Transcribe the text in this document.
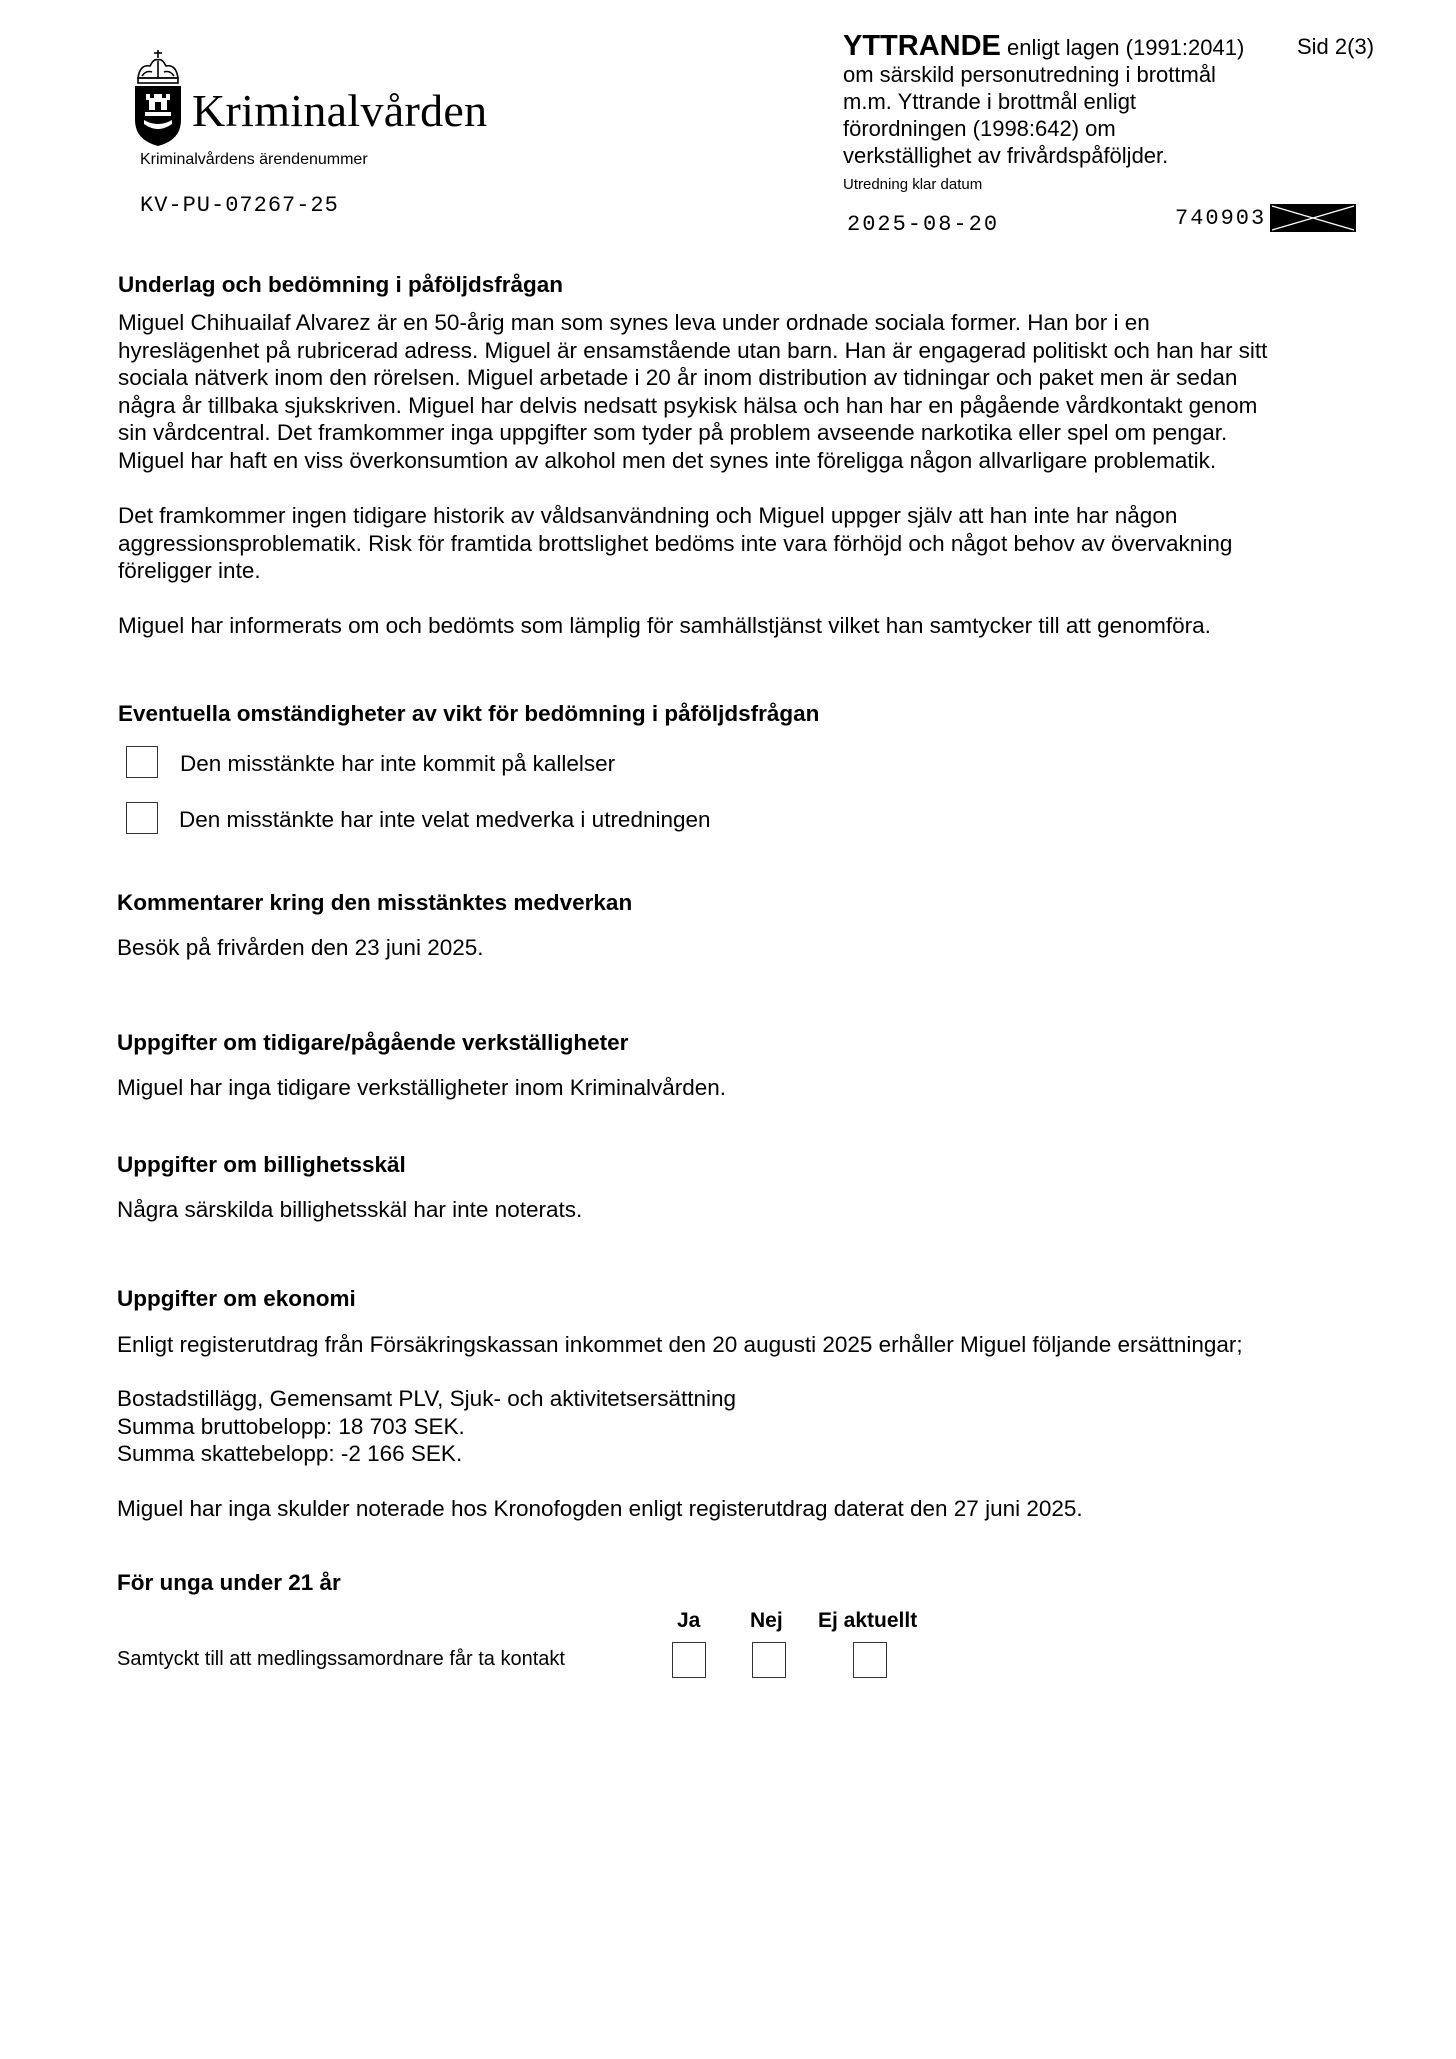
Kriminalvården
Kriminalvårdens ärendenummer
KV-PU-07267-25
YTTRANDE enligt lagen (1991:2041)
om särskild personutredning i brottmål
m.m. Yttrande i brottmål enligt
förordningen (1998:642) om
verkställighet av frivårdspåföljder.
Sid 2(3)
Utredning klar datum
2025-08-20	740903
Underlag och bedömning i påföljdsfrågan
Miguel Chihuailaf Alvarez är en 50-årig man som synes leva under ordnade sociala former. Han bor i en
hyreslägenhet på rubricerad adress. Miguel är ensamstående utan barn. Han är engagerad politiskt och han har sitt
sociala nätverk inom den rörelsen. Miguel arbetade i 20 år inom distribution av tidningar och paket men är sedan
några år tillbaka sjukskriven. Miguel har delvis nedsatt psykisk hälsa och han har en pågående vårdkontakt genom
sin vårdcentral. Det framkommer inga uppgifter som tyder på problem avseende narkotika eller spel om pengar.
Miguel har haft en viss överkonsumtion av alkohol men det synes inte föreligga någon allvarligare problematik.
Det framkommer ingen tidigare historik av våldsanvändning och Miguel uppger själv att han inte har någon
aggressionsproblematik. Risk för framtida brottslighet bedöms inte vara förhöjd och något behov av övervakning
föreligger inte.
Miguel har informerats om och bedömts som lämplig för samhällstjänst vilket han samtycker till att genomföra.
Eventuella omständigheter av vikt för bedömning i påföljdsfrågan
Den misstänkte har inte kommit på kallelser
Den misstänkte har inte velat medverka i utredningen
Kommentarer kring den misstänktes medverkan
Besök på frivården den 23 juni 2025.
Uppgifter om tidigare/pågående verkställigheter
Miguel har inga tidigare verkställigheter inom Kriminalvården.
Uppgifter om billighetsskäl
Några särskilda billighetsskäl har inte noterats.
Uppgifter om ekonomi
Enligt registerutdrag från Försäkringskassan inkommet den 20 augusti 2025 erhåller Miguel följande ersättningar;
Bostadstillägg, Gemensamt PLV, Sjuk- och aktivitetsersättning
Summa bruttobelopp: 18 703 SEK.
Summa skattebelopp: -2 166 SEK.
Miguel har inga skulder noterade hos Kronofogden enligt registerutdrag daterat den 27 juni 2025.
För unga under 21 år
Ja Nej Ej aktuellt
Samtyckt till att medlingssamordnare får ta kontakt
